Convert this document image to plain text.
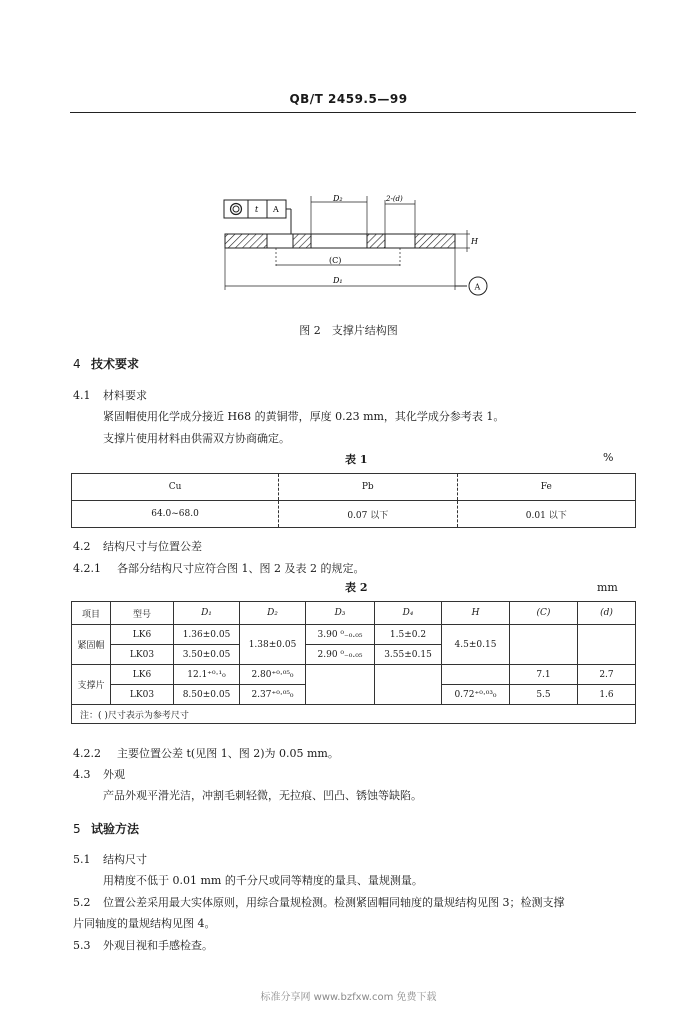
QB/T 2459.5—99
t A
D₂	2-(d)
H
(C)
D₁
A
图 2　支撑片结构图
4 技术要求
4.1 材料要求
紧固帽使用化学成分接近 H68 的黄铜带，厚度 0.23 mm，其化学成分参考表 1。
支撑片使用材料由供需双方协商确定。
表 1	%
Cu	Pb	Fe
64.0~68.0	0.07 以下	0.01 以下
4.2 结构尺寸与位置公差
4.2.1 各部分结构尺寸应符合图 1、图 2 及表 2 的规定。
表 2	mm
项目	型号	D₁	D₂	D₃	D₄	H	(C)	(d)
紧固帽	LK6	1.36±0.05	1.38±0.05	3.90 ⁰₋₀.₀₅	1.5±0.2	4.5±0.15		
	LK03	3.50±0.05		2.90 ⁰₋₀.₀₅	3.55±0.15			
支撑片	LK6	12.1⁺⁰·¹₀	2.80⁺⁰·⁰⁵₀				7.1	2.7
	LK03	8.50±0.05	2.37⁺⁰·⁰⁵₀			0.72⁺⁰·⁰³₀	5.5	1.6
注：( )尺寸表示为参考尺寸								
4.2.2 主要位置公差 t(见图 1、图 2)为 0.05 mm。
4.3 外观
产品外观平滑光洁，冲割毛刺轻微，无拉痕、凹凸、锈蚀等缺陷。
5 试验方法
5.1 结构尺寸
用精度不低于 0.01 mm 的千分尺或同等精度的量具、量规测量。
5.2 位置公差采用最大实体原则，用综合量规检测。检测紧固帽同轴度的量规结构见图 3；检测支撑
片同轴度的量规结构见图 4。
5.3 外观目视和手感检查。
标准分享网 www.bzfxw.com 免费下载
